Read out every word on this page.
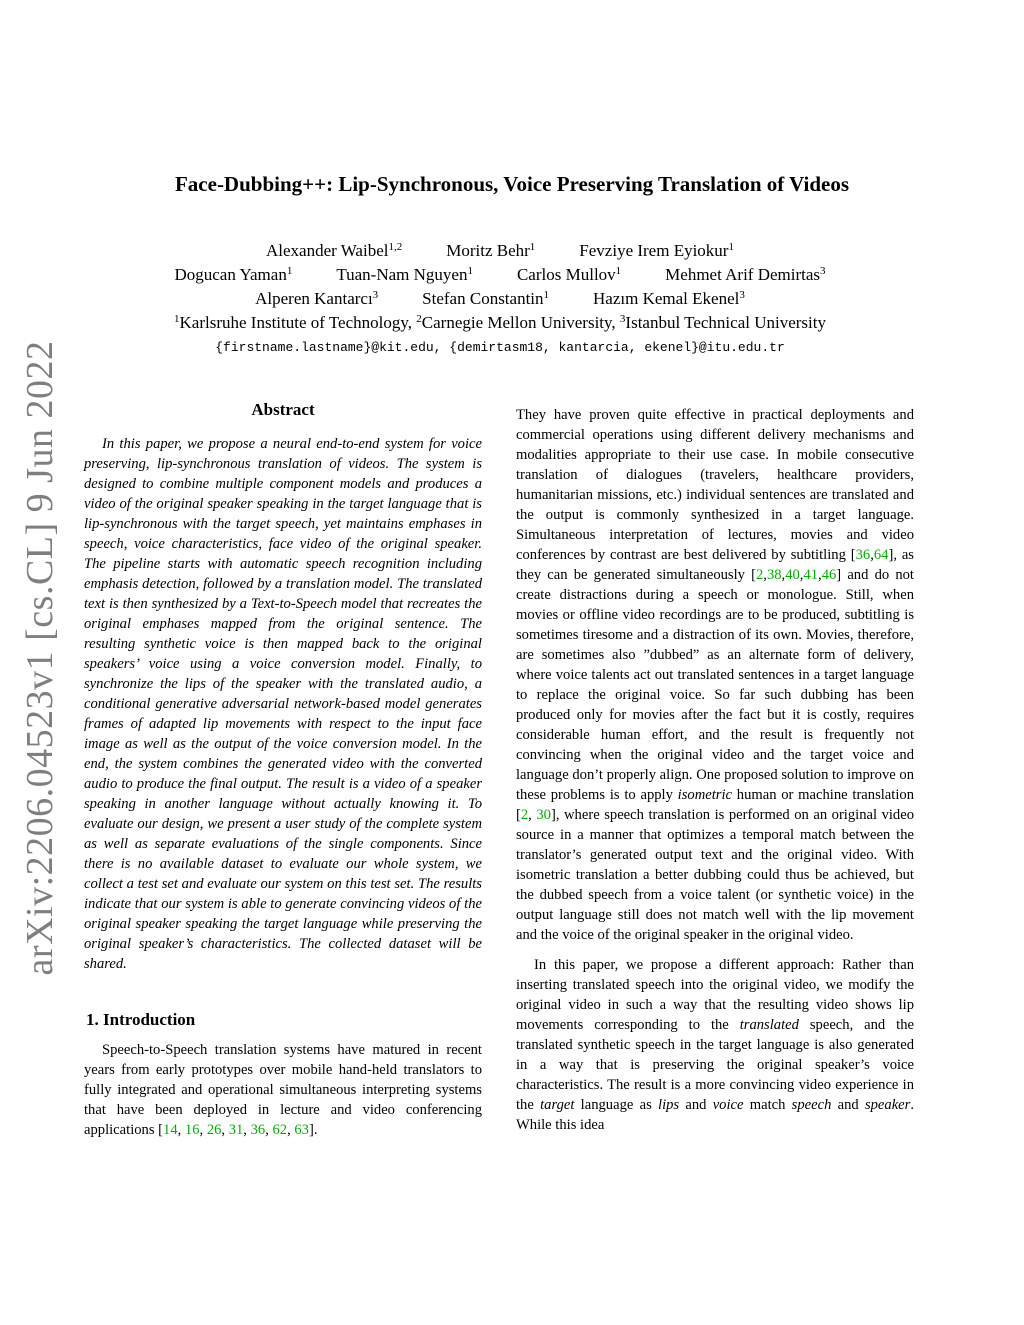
arXiv:2206.04523v1 [cs.CL] 9 Jun 2022
Face-Dubbing++: Lip-Synchronous, Voice Preserving Translation of Videos
Alexander Waibel$^{1,2}$	Moritz Behr$^1$	Fevziye Irem Eyiokur$^1$
Dogucan Yaman$^1$	Tuan-Nam Nguyen$^1$	Carlos Mullov$^1$	Mehmet Arif Demirtas$^3$
Alperen Kantarcı$^3$	Stefan Constantin$^1$	Hazım Kemal Ekenel$^3$
$^1$Karlsruhe Institute of Technology, $^2$Carnegie Mellon University, $^3$Istanbul Technical University
{firstname.lastname}@kit.edu, {demirtasm18, kantarcia, ekenel}@itu.edu.tr
Abstract

In this paper, we propose a neural end-to-end system for voice preserving, lip-synchronous translation of videos. The system is designed to combine multiple component models and produces a video of the original speaker speaking in the target language that is lip-synchronous with the target speech, yet maintains emphases in speech, voice characteristics, face video of the original speaker. The pipeline starts with automatic speech recognition including emphasis detection, followed by a translation model. The translated text is then synthesized by a Text-to-Speech model that recreates the original emphases mapped from the original sentence. The resulting synthetic voice is then mapped back to the original speakers’ voice using a voice conversion model. Finally, to synchronize the lips of the speaker with the translated audio, a conditional generative adversarial network-based model generates frames of adapted lip movements with respect to the input face image as well as the output of the voice conversion model. In the end, the system combines the generated video with the converted audio to produce the final output. The result is a video of a speaker speaking in another language without actually knowing it. To evaluate our design, we present a user study of the complete system as well as separate evaluations of the single components. Since there is no available dataset to evaluate our whole system, we collect a test set and evaluate our system on this test set. The results indicate that our system is able to generate convincing videos of the original speaker speaking the target language while preserving the original speaker’s characteristics. The collected dataset will be shared.

1. Introduction

Speech-to-Speech translation systems have matured in recent years from early prototypes over mobile hand-held translators to fully integrated and operational simultaneous interpreting systems that have been deployed in lecture and video conferencing applications [14, 16, 26, 31, 36, 62, 63].

They have proven quite effective in practical deployments and commercial operations using different delivery mechanisms and modalities appropriate to their use case. In mobile consecutive translation of dialogues (travelers, healthcare providers, humanitarian missions, etc.) individual sentences are translated and the output is commonly synthesized in a target language. Simultaneous interpretation of lectures, movies and video conferences by contrast are best delivered by subtitling [36,64], as they can be generated simultaneously [2,38,40,41,46] and do not create distractions during a speech or monologue. Still, when movies or offline video recordings are to be produced, subtitling is sometimes tiresome and a distraction of its own. Movies, therefore, are sometimes also ”dubbed” as an alternate form of delivery, where voice talents act out translated sentences in a target language to replace the original voice. So far such dubbing has been produced only for movies after the fact but it is costly, requires considerable human effort, and the result is frequently not convincing when the original video and the target voice and language don’t properly align. One proposed solution to improve on these problems is to apply isometric human or machine translation [2, 30], where speech translation is performed on an original video source in a manner that optimizes a temporal match between the translator’s generated output text and the original video. With isometric translation a better dubbing could thus be achieved, but the dubbed speech from a voice talent (or synthetic voice) in the output language still does not match well with the lip movement and the voice of the original speaker in the original video.

In this paper, we propose a different approach: Rather than inserting translated speech into the original video, we modify the original video in such a way that the resulting video shows lip movements corresponding to the translated speech, and the translated synthetic speech in the target language is also generated in a way that is preserving the original speaker’s voice characteristics. The result is a more convincing video experience in the target language as lips and voice match speech and speaker. While this idea
